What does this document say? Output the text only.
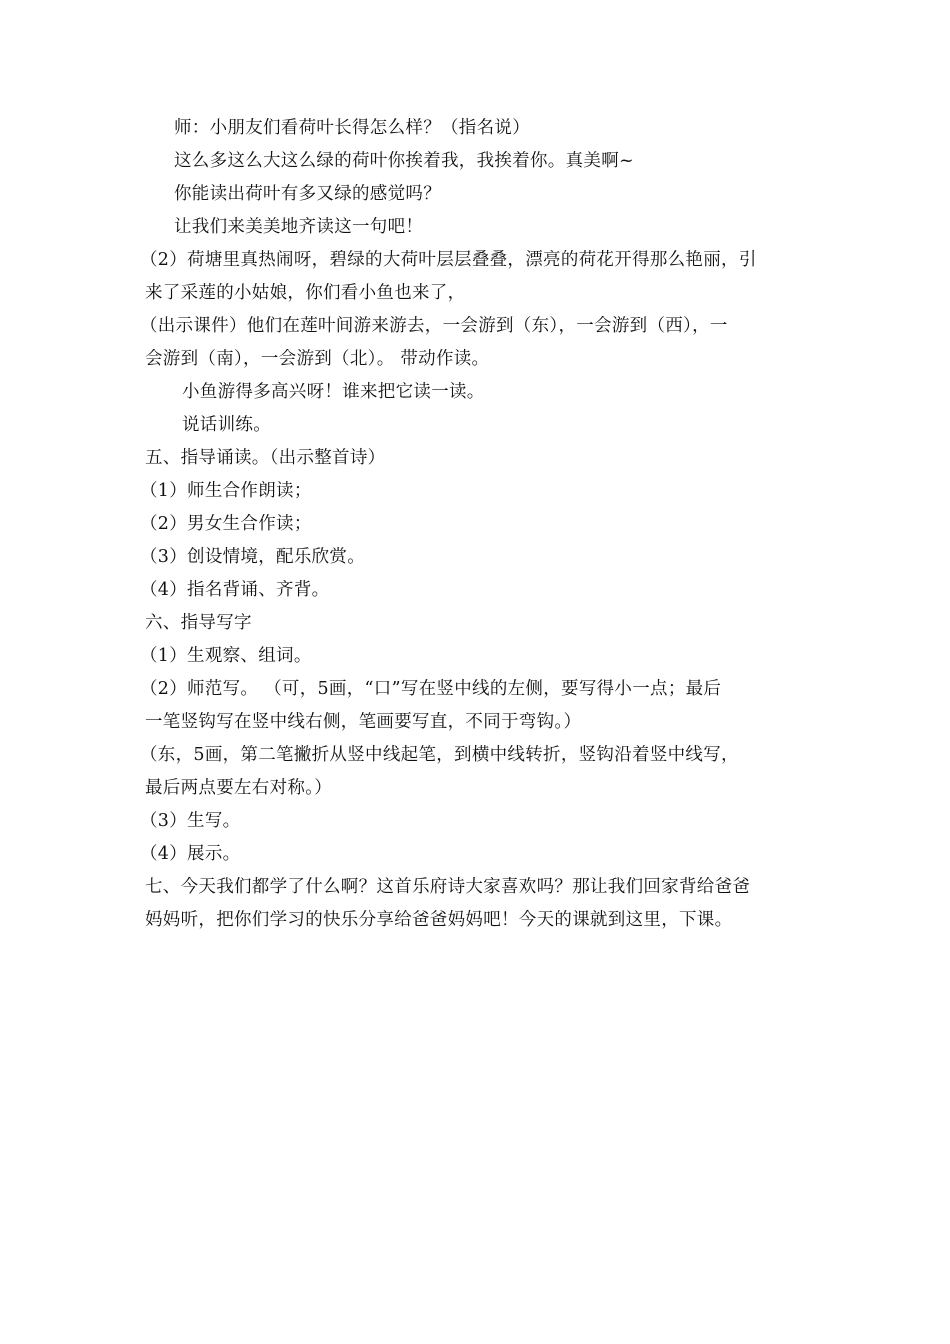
师：小朋友们看荷叶长得怎么样？（指名说）
这么多这么大这么绿的荷叶你挨着我，我挨着你。真美啊~
你能读出荷叶有多又绿的感觉吗？
让我们来美美地齐读这一句吧！
（2）荷塘里真热闹呀，碧绿的大荷叶层层叠叠，漂亮的荷花开得那么艳丽，引
来了采莲的小姑娘，你们看小鱼也来了，
（出示课件）他们在莲叶间游来游去，一会游到（东），一会游到（西），一
会游到（南），一会游到（北）。 带动作读。
小鱼游得多高兴呀！谁来把它读一读。
说话训练。
五、指导诵读。（出示整首诗）
（1）师生合作朗读；
（2）男女生合作读；
（3）创设情境，配乐欣赏。
（4）指名背诵、齐背。
六、指导写字
（1）生观察、组词。
（2）师范写。 （可，5画，“口”写在竖中线的左侧，要写得小一点；最后
一笔竖钩写在竖中线右侧，笔画要写直，不同于弯钩。）
（东，5画，第二笔撇折从竖中线起笔，到横中线转折，竖钩沿着竖中线写，
最后两点要左右对称。）
（3）生写。
（4）展示。
七、今天我们都学了什么啊？这首乐府诗大家喜欢吗？那让我们回家背给爸爸
妈妈听，把你们学习的快乐分享给爸爸妈妈吧！今天的课就到这里，下课。
